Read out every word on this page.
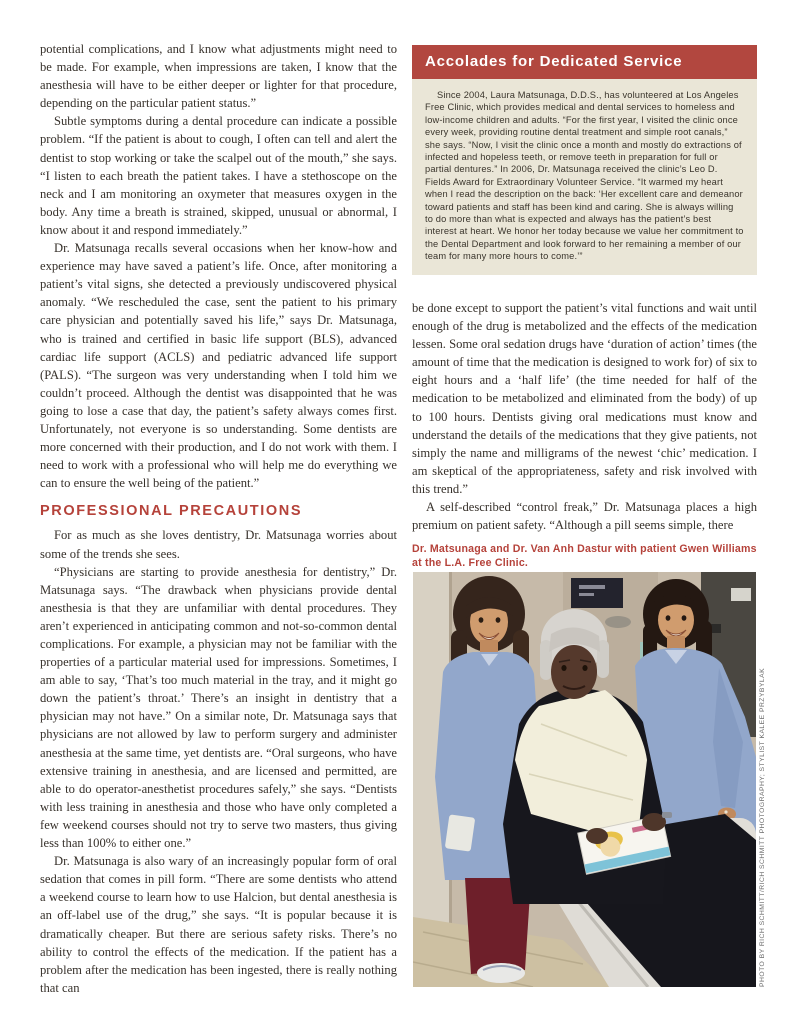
potential complications, and I know what adjustments might need to be made. For example, when impressions are taken, I know that the anesthesia will have to be either deeper or lighter for that procedure, depending on the particular patient status.”

Subtle symptoms during a dental procedure can indicate a possible problem. “If the patient is about to cough, I often can tell and alert the dentist to stop working or take the scalpel out of the mouth,” she says. “I listen to each breath the patient takes. I have a stethoscope on the neck and I am monitoring an oxymeter that measures oxygen in the body. Any time a breath is strained, skipped, unusual or abnormal, I know about it and respond immediately.”

Dr. Matsunaga recalls several occasions when her know-how and experience may have saved a patient’s life. Once, after monitoring a patient’s vital signs, she detected a previously undiscovered physical anomaly. “We rescheduled the case, sent the patient to his primary care physician and potentially saved his life,” says Dr. Matsunaga, who is trained and certified in basic life support (BLS), advanced cardiac life support (ACLS) and pediatric advanced life support (PALS). “The surgeon was very understanding when I told him we couldn’t proceed. Although the dentist was disappointed that he was going to lose a case that day, the patient’s safety always comes first. Unfortunately, not everyone is so understanding. Some dentists are more concerned with their production, and I do not work with them. I need to work with a professional who will help me do everything we can to ensure the well being of the patient.”

PROFESSIONAL PRECAUTIONS

For as much as she loves dentistry, Dr. Matsunaga worries about some of the trends she sees.

“Physicians are starting to provide anesthesia for dentistry,” Dr. Matsunaga says. “The drawback when physicians provide dental anesthesia is that they are unfamiliar with dental procedures. They aren’t experienced in anticipating common and not-so-common dental complications. For example, a physician may not be familiar with the properties of a particular material used for impressions. Sometimes, I am able to say, ‘That’s too much material in the tray, and it might go down the patient’s throat.’ There’s an insight in dentistry that a physician may not have.” On a similar note, Dr. Matsunaga says that physicians are not allowed by law to perform surgery and administer anesthesia at the same time, yet dentists are. “Oral surgeons, who have extensive training in anesthesia, and are licensed and permitted, are able to do operator-anesthetist procedures safely,” she says. “Dentists with less training in anesthesia and those who have only completed a few weekend courses should not try to serve two masters, thus giving less than 100% to either one.”

Dr. Matsunaga is also wary of an increasingly popular form of oral sedation that comes in pill form. “There are some dentists who attend a weekend course to learn how to use Halcion, but dental anesthesia is an off-label use of the drug,” she says. “It is popular because it is dramatically cheaper. But there are serious safety risks. There’s no ability to control the effects of the medication. If the patient has a problem after the medication has been ingested, there is really nothing that can

Accolades for Dedicated Service
Since 2004, Laura Matsunaga, D.D.S., has volunteered at Los Angeles Free Clinic, which provides medical and dental services to homeless and low-income children and adults. “For the first year, I visited the clinic once every week, providing routine dental treatment and simple root canals,” she says. “Now, I visit the clinic once a month and mostly do extractions of infected and hopeless teeth, or remove teeth in preparation for full or partial dentures.” In 2006, Dr. Matsunaga received the clinic’s Leo D. Fields Award for Extraordinary Volunteer Service. “It warmed my heart when I read the description on the back: ‘Her excellent care and demeanor toward patients and staff has been kind and caring. She is always willing to do more than what is expected and always has the patient’s best interest at heart. We honor her today because we value her commitment to the Dental Department and look forward to her remaining a member of our team for many more hours to come.’”

be done except to support the patient’s vital functions and wait until enough of the drug is metabolized and the effects of the medication lessen. Some oral sedation drugs have ‘duration of action’ times (the amount of time that the medication is designed to work for) of six to eight hours and a ‘half life’ (the time needed for half of the medication to be metabolized and eliminated from the body) of up to 100 hours. Dentists giving oral medications must know and understand the details of the medications that they give patients, not simply the name and milligrams of the newest ‘chic’ medication. I am skeptical of the appropriateness, safety and risk involved with this trend.”

A self-described “control freak,” Dr. Matsunaga places a high premium on patient safety. “Although a pill seems simple, there

Dr. Matsunaga and Dr. Van Anh Dastur with patient Gwen Williams at the L.A. Free Clinic.
PHOTO BY RICH SCHMITT/RICH SCHMITT PHOTOGRAPHY; STYLIST KALEE PRZYBYLAK
